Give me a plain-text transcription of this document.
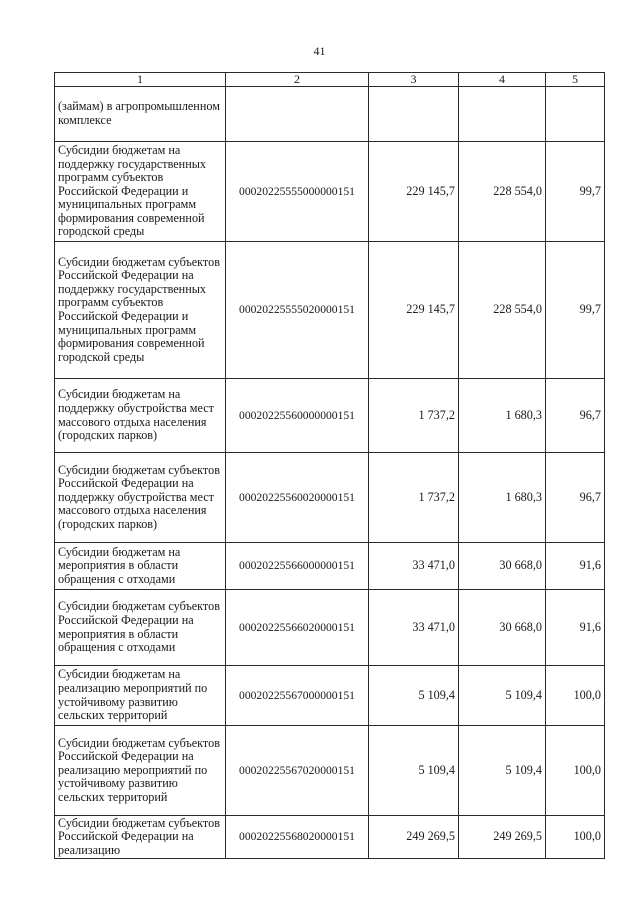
41
1	2	3	4	5
(займам) в агропромышленном комплексе				
Субсидии бюджетам на поддержку государственных программ субъектов Российской Федерации и муниципальных программ формирования современной городской среды	00020225555000000151	229 145,7	228 554,0	99,7
Субсидии бюджетам субъектов Российской Федерации на поддержку государственных программ субъектов Российской Федерации и муниципальных программ формирования современной городской среды	00020225555020000151	229 145,7	228 554,0	99,7
Субсидии бюджетам на поддержку обустройства мест массового отдыха населения (городских парков)	00020225560000000151	1 737,2	1 680,3	96,7
Субсидии бюджетам субъектов Российской Федерации на поддержку обустройства мест массового отдыха населения (городских парков)	00020225560020000151	1 737,2	1 680,3	96,7
Субсидии бюджетам на мероприятия в области обращения с отходами	00020225566000000151	33 471,0	30 668,0	91,6
Субсидии бюджетам субъектов Российской Федерации на мероприятия в области обращения с отходами	00020225566020000151	33 471,0	30 668,0	91,6
Субсидии бюджетам на реализацию мероприятий по устойчивому развитию сельских территорий	00020225567000000151	5 109,4	5 109,4	100,0
Субсидии бюджетам субъектов Российской Федерации на реализацию мероприятий по устойчивому развитию сельских территорий	00020225567020000151	5 109,4	5 109,4	100,0
Субсидии бюджетам субъектов Российской Федерации на реализацию	00020225568020000151	249 269,5	249 269,5	100,0
